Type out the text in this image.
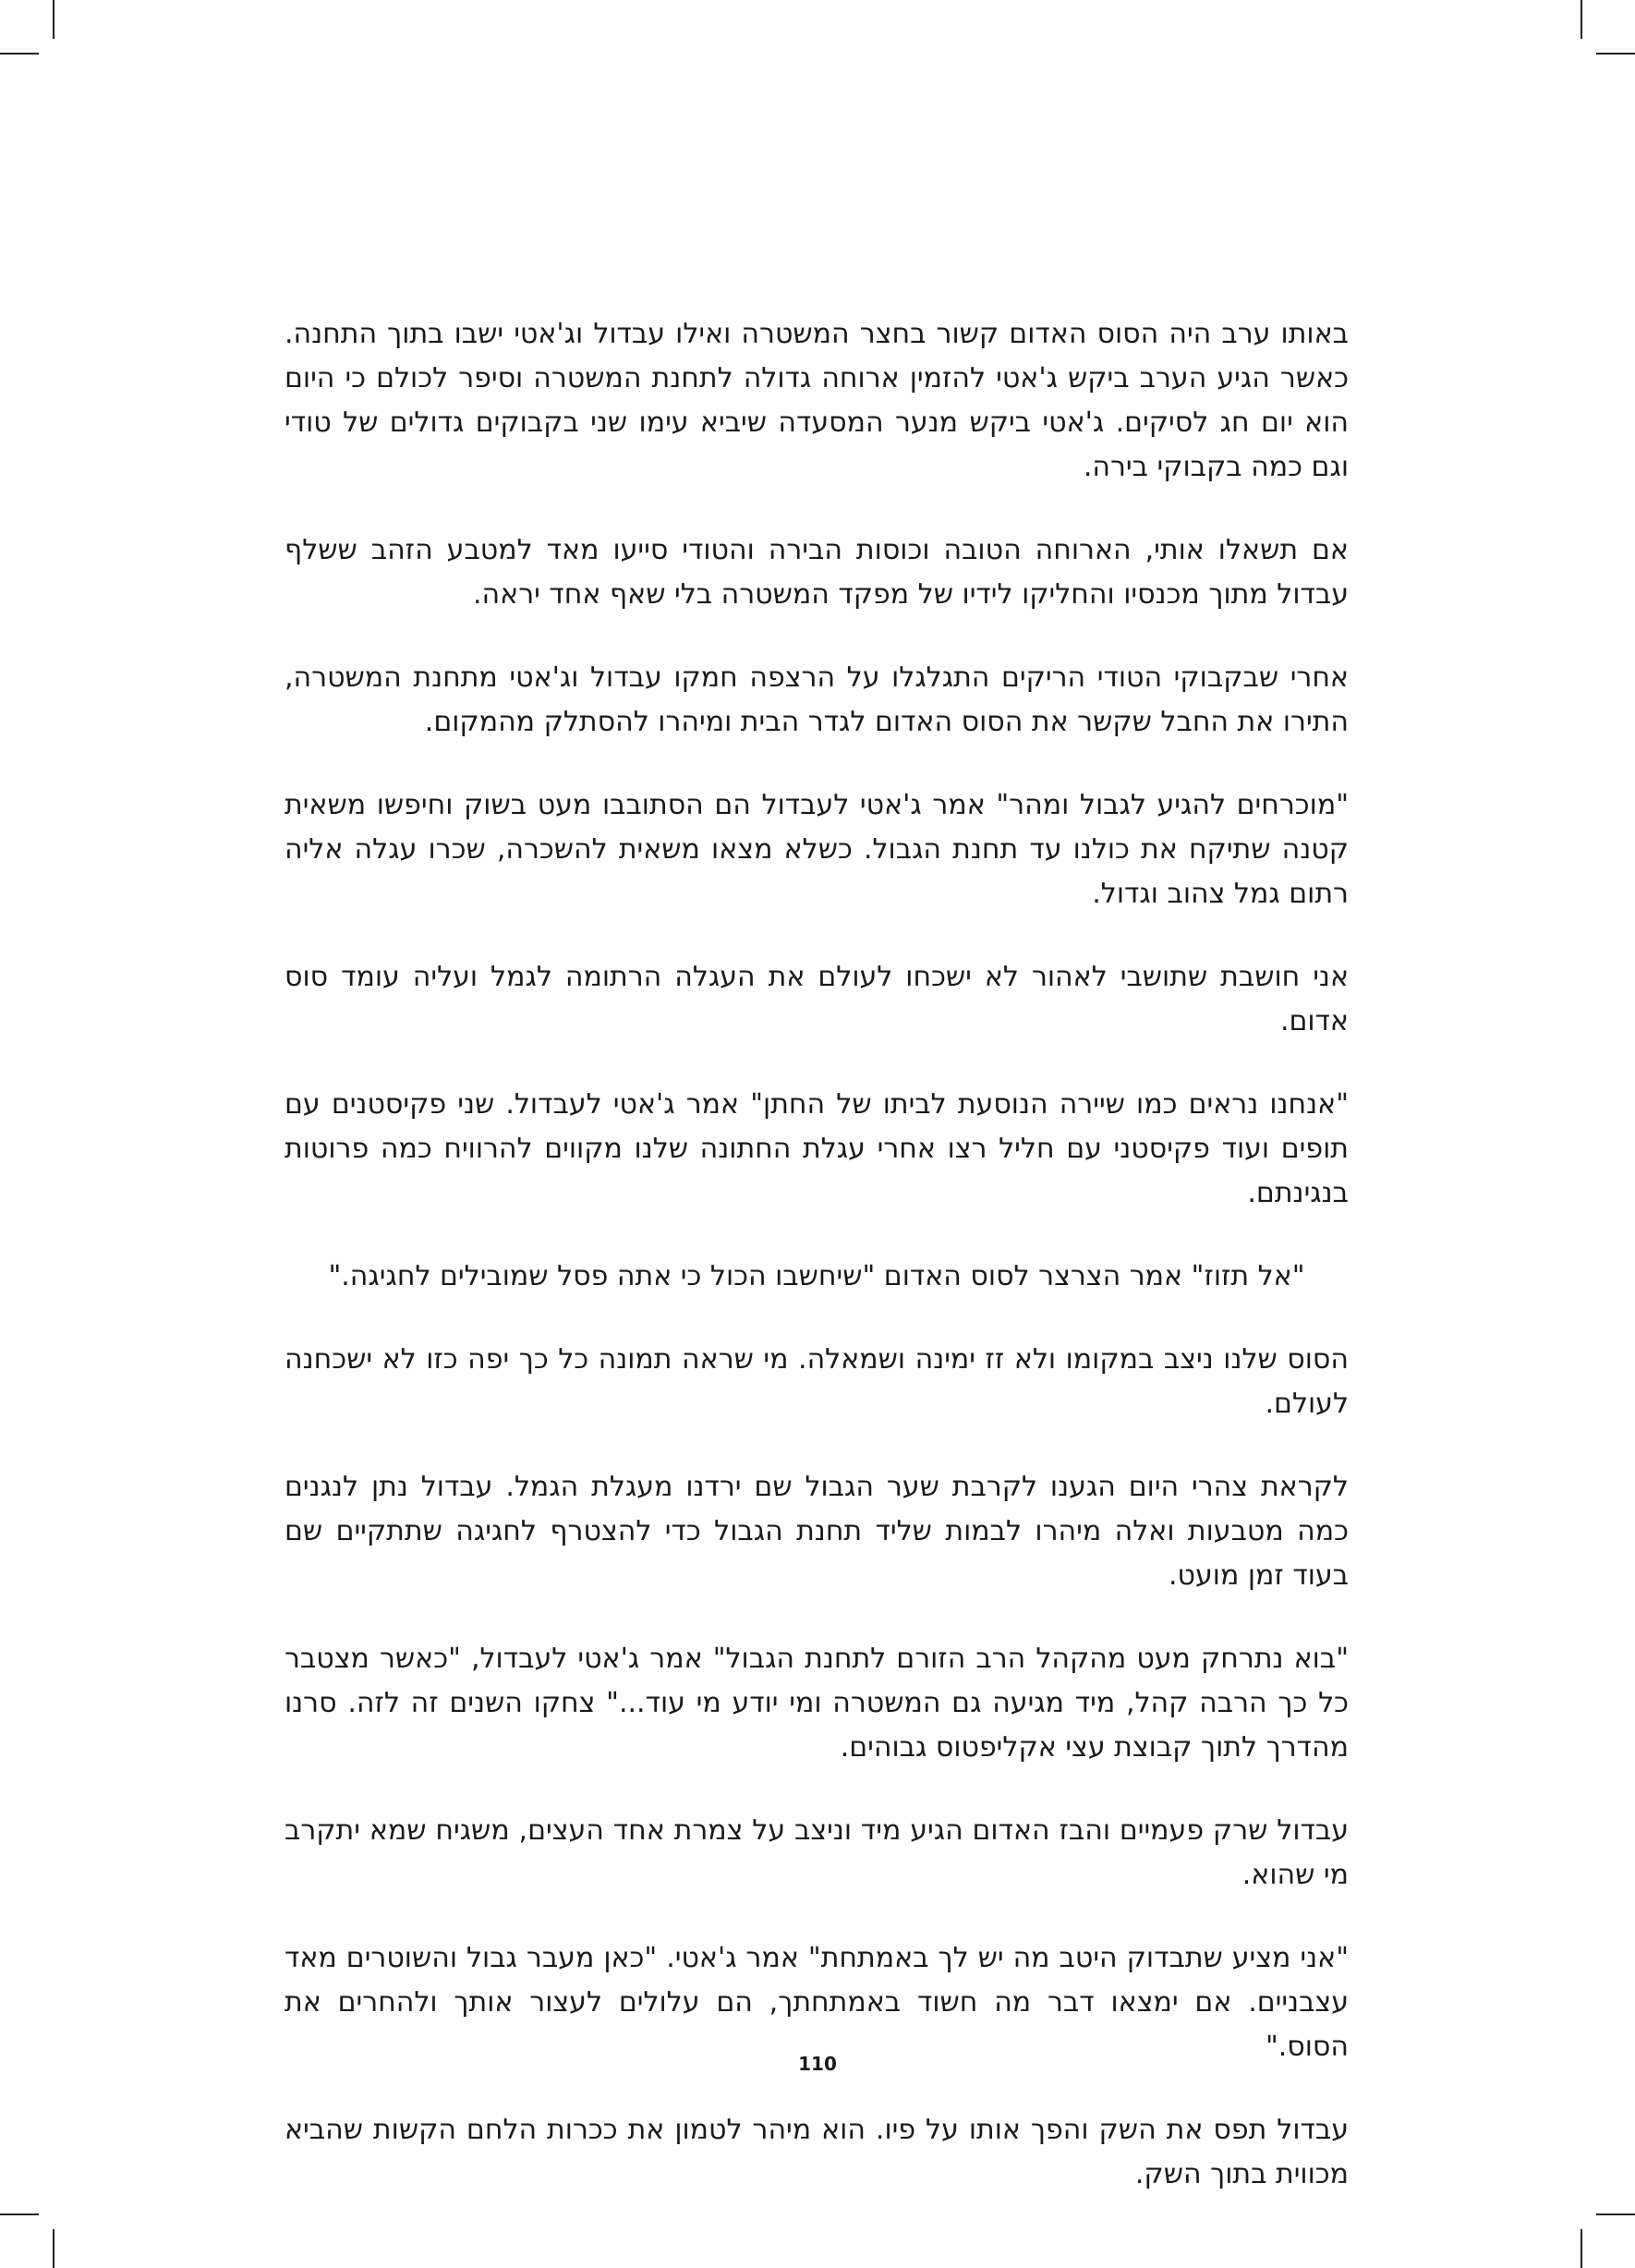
באותו ערב היה הסוס האדום קשור בחצר המשטרה ואילו עבדול וג'אטי ישבו בתוך התחנה. כאשר הגיע הערב ביקש ג'אטי להזמין ארוחה גדולה לתחנת המשטרה וסיפר לכולם כי היום הוא יום חג לסיקים. ג'אטי ביקש מנער המסעדה שיביא עימו שני בקבוקים גדולים של טודי וגם כמה בקבוקי בירה.

אם תשאלו אותי, הארוחה הטובה וכוסות הבירה והטודי סייעו מאד למטבע הזהב ששלף עבדול מתוך מכנסיו והחליקו לידיו של מפקד המשטרה בלי שאף אחד יראה.

אחרי שבקבוקי הטודי הריקים התגלגלו על הרצפה חמקו עבדול וג'אטי מתחנת המשטרה, התירו את החבל שקשר את הסוס האדום לגדר הבית ומיהרו להסתלק מהמקום.

"מוכרחים להגיע לגבול ומהר" אמר ג'אטי לעבדול הם הסתובבו מעט בשוק וחיפשו משאית קטנה שתיקח את כולנו עד תחנת הגבול. כשלא מצאו משאית להשכרה, שכרו עגלה אליה רתום גמל צהוב וגדול.

אני חושבת שתושבי לאהור לא ישכחו לעולם את העגלה הרתומה לגמל ועליה עומד סוס אדום.

"אנחנו נראים כמו שיירה הנוסעת לביתו של החתן" אמר ג'אטי לעבדול. שני פקיסטנים עם תופים ועוד פקיסטני עם חליל רצו אחרי עגלת החתונה שלנו מקווים להרוויח כמה פרוטות בנגינתם.

"אל תזוז" אמר הצרצר לסוס האדום "שיחשבו הכול כי אתה פסל שמובילים לחגיגה."

הסוס שלנו ניצב במקומו ולא זז ימינה ושמאלה. מי שראה תמונה כל כך יפה כזו לא ישכחנה לעולם.

לקראת צהרי היום הגענו לקרבת שער הגבול שם ירדנו מעגלת הגמל. עבדול נתן לנגנים כמה מטבעות ואלה מיהרו לבמות שליד תחנת הגבול כדי להצטרף לחגיגה שתתקיים שם בעוד זמן מועט.

"בוא נתרחק מעט מהקהל הרב הזורם לתחנת הגבול" אמר ג'אטי לעבדול, "כאשר מצטבר כל כך הרבה קהל, מיד מגיעה גם המשטרה ומי יודע מי עוד..." צחקו השנים זה לזה. סרנו מהדרך לתוך קבוצת עצי אקליפטוס גבוהים.

עבדול שרק פעמיים והבז האדום הגיע מיד וניצב על צמרת אחד העצים, משגיח שמא יתקרב מי שהוא.

"אני מציע שתבדוק היטב מה יש לך באמתחת" אמר ג'אטי. "כאן מעבר גבול והשוטרים מאד עצבניים. אם ימצאו דבר מה חשוד באמתחתך, הם עלולים לעצור אותך ולהחרים את הסוס."

עבדול תפס את השק והפך אותו על פיו. הוא מיהר לטמון את ככרות הלחם הקשות שהביא מכווית בתוך השק.

110
